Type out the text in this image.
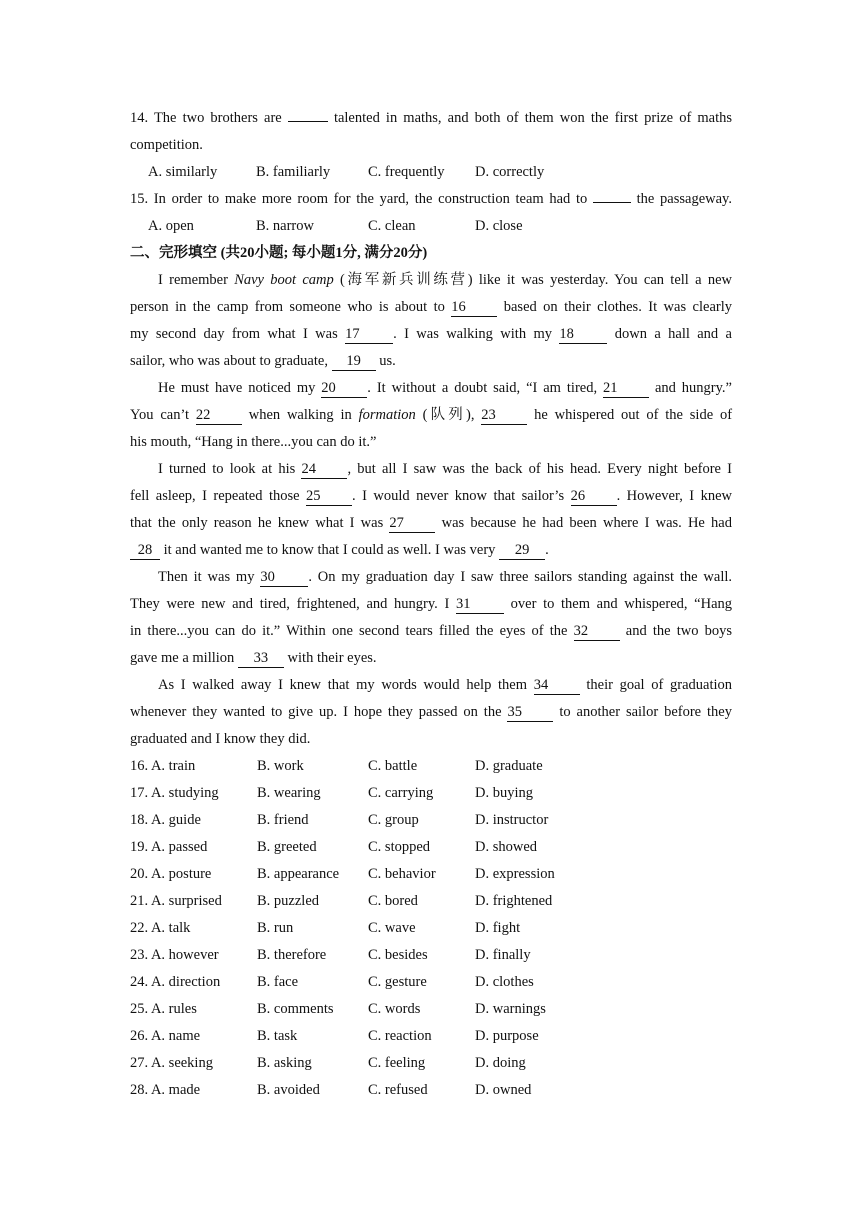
14. The two brothers are	talented in maths, and both of them won the first prize of maths
competition.
A. similarly	B. familiarly	C. frequently D. correctly
15. In order to make more room for the yard, the construction team had to	the passageway.
A. open	B. narrow	C. clean	D. close
二、完形填空 (共20小题; 每小题1分, 满分20分)
I remember Navy boot camp (海军新兵训练营) like it was yesterday. You can tell a new
person in the camp from someone who is about to 16	based on their clothes. It was clearly
my second day from what I was 17 . I was walking with my 18	down a hall and a
sailor, who was about to graduate, 19 us.
He must have noticed my 20 . It without a doubt said, “I am tired, 21	and hungry.”
You can’t 22	when walking in formation (队列), 23	he whispered out of the side of
his mouth, “Hang in there...you can do it.”
I turned to look at his 24 , but all I saw was the back of his head. Every night before I
fell asleep, I repeated those 25 . I would never know that sailor’s 26 . However, I knew
that the only reason he knew what I was 27	was because he had been where I was. He had
28 it and wanted me to know that I could as well. I was very 29 .
Then it was my 30 . On my graduation day I saw three sailors standing against the wall.
They were new and tired, frightened, and hungry. I 31	over to them and whispered, “Hang
in there...you can do it.” Within one second tears filled the eyes of the 32	and the two boys
gave me a million 33 with their eyes.
As I walked away I knew that my words would help them 34	their goal of graduation
whenever they wanted to give up. I hope they passed on the 35	to another sailor before they
graduated and I know they did.
16. A. train	B. work	C. battle	D. graduate
17. A. studying	B. wearing	C. carrying	D. buying
18. A. guide	B. friend	C. group	D. instructor
19. A. passed	B. greeted	C. stopped	D. showed
20. A. posture	B. appearance C. behavior	D. expression
21. A. surprised B. puzzled	C. bored	D. frightened
22. A. talk	B. run	C. wave	D. fight
23. A. however	B. therefore	C. besides	D. finally
24. A. direction	B. face	C. gesture	D. clothes
25. A. rules	B. comments C. words	D. warnings
26. A. name	B. task	C. reaction	D. purpose
27. A. seeking	B. asking	C. feeling	D. doing
28. A. made	B. avoided	C. refused	D. owned
